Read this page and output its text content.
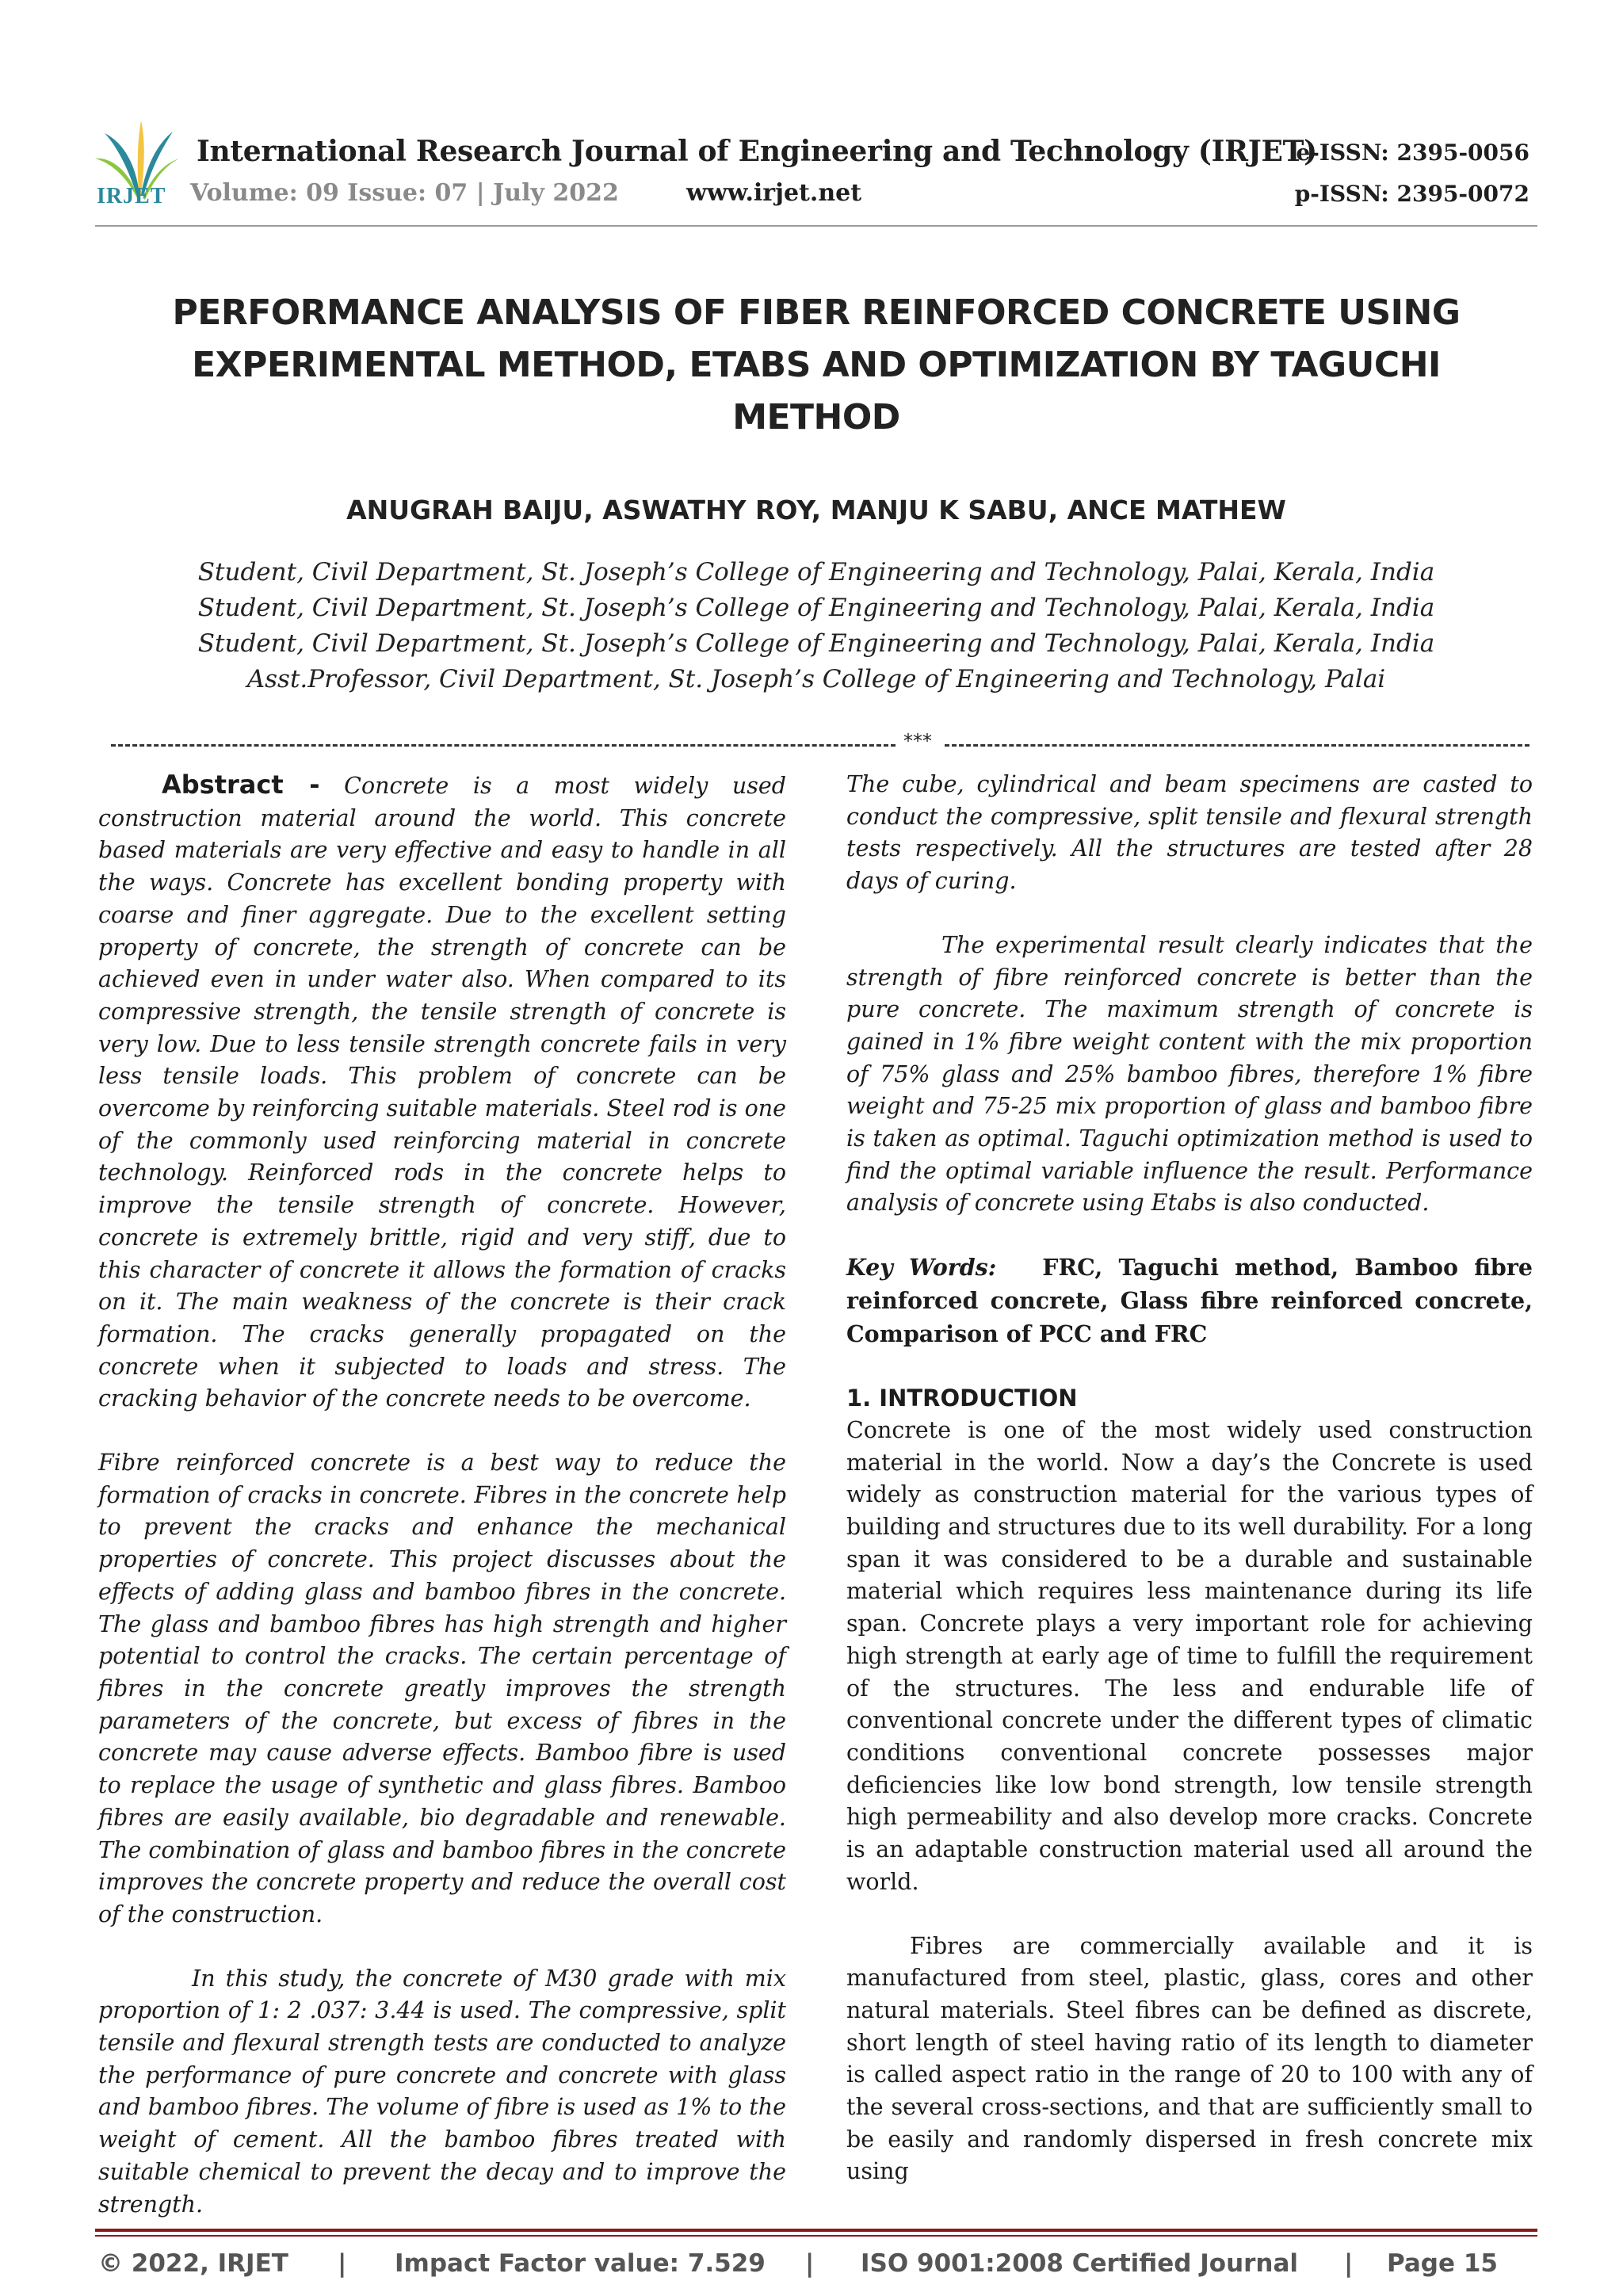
IRJET
International Research Journal of Engineering and Technology (IRJET)
e-ISSN: 2395-0056
Volume: 09 Issue: 07 | July 2022	www.irjet.net	p-ISSN: 2395-0072
PERFORMANCE ANALYSIS OF FIBER REINFORCED CONCRETE USING
EXPERIMENTAL METHOD, ETABS AND OPTIMIZATION BY TAGUCHI
METHOD
ANUGRAH BAIJU, ASWATHY ROY, MANJU K SABU, ANCE MATHEW
Student, Civil Department, St. Joseph’s College of Engineering and Technology, Palai, Kerala, India
Student, Civil Department, St. Joseph’s College of Engineering and Technology, Palai, Kerala, India
Student, Civil Department, St. Joseph’s College of Engineering and Technology, Palai, Kerala, India
Asst.Professor, Civil Department, St. Joseph’s College of Engineering and Technology, Palai
***

Abstract - Concrete is a most widely used construction material around the world. This concrete based materials are very effective and easy to handle in all the ways. Concrete has excellent bonding property with coarse and finer aggregate. Due to the excellent setting property of concrete, the strength of concrete can be achieved even in under water also. When compared to its compressive strength, the tensile strength of concrete is very low. Due to less tensile strength concrete fails in very less tensile loads. This problem of concrete can be overcome by reinforcing suitable materials. Steel rod is one of the commonly used reinforcing material in concrete technology. Reinforced rods in the concrete helps to improve the tensile strength of concrete. However, concrete is extremely brittle, rigid and very stiff, due to this character of concrete it allows the formation of cracks on it. The main weakness of the concrete is their crack formation. The cracks generally propagated on the concrete when it subjected to loads and stress. The cracking behavior of the concrete needs to be overcome.

Fibre reinforced concrete is a best way to reduce the formation of cracks in concrete. Fibres in the concrete help to prevent the cracks and enhance the mechanical properties of concrete. This project discusses about the effects of adding glass and bamboo fibres in the concrete. The glass and bamboo fibres has high strength and higher potential to control the cracks. The certain percentage of fibres in the concrete greatly improves the strength parameters of the concrete, but excess of fibres in the concrete may cause adverse effects. Bamboo fibre is used to replace the usage of synthetic and glass fibres. Bamboo fibres are easily available, bio degradable and renewable. The combination of glass and bamboo fibres in the concrete improves the concrete property and reduce the overall cost of the construction.

In this study, the concrete of M30 grade with mix proportion of 1: 2 .037: 3.44 is used. The compressive, split tensile and flexural strength tests are conducted to analyze the performance of pure concrete and concrete with glass and bamboo fibres. The volume of fibre is used as 1% to the weight of cement. All the bamboo fibres treated with suitable chemical to prevent the decay and to improve the strength.

The cube, cylindrical and beam specimens are casted to conduct the compressive, split tensile and flexural strength tests respectively. All the structures are tested after 28 days of curing.

The experimental result clearly indicates that the strength of fibre reinforced concrete is better than the pure concrete. The maximum strength of concrete is gained in 1% fibre weight content with the mix proportion of 75% glass and 25% bamboo fibres, therefore 1% fibre weight and 75-25 mix proportion of glass and bamboo fibre is taken as optimal. Taguchi optimization method is used to find the optimal variable influence the result. Performance analysis of concrete using Etabs is also conducted.

Key Words: FRC, Taguchi method, Bamboo fibre reinforced concrete, Glass fibre reinforced concrete, Comparison of PCC and FRC

1. INTRODUCTION

Concrete is one of the most widely used construction material in the world. Now a day’s the Concrete is used widely as construction material for the various types of building and structures due to its well durability. For a long span it was considered to be a durable and sustainable material which requires less maintenance during its life span. Concrete plays a very important role for achieving high strength at early age of time to fulfill the requirement of the structures. The less and endurable life of conventional concrete under the different types of climatic conditions conventional concrete possesses major deficiencies like low bond strength, low tensile strength high permeability and also develop more cracks. Concrete is an adaptable construction material used all around the world.

Fibres are commercially available and it is manufactured from steel, plastic, glass, cores and other natural materials. Steel fibres can be defined as discrete, short length of steel having ratio of its length to diameter is called aspect ratio in the range of 20 to 100 with any of the several cross-sections, and that are sufficiently small to be easily and randomly dispersed in fresh concrete mix using

© 2022, IRJET | Impact Factor value: 7.529 | ISO 9001:2008 Certified Journal | Page 15
